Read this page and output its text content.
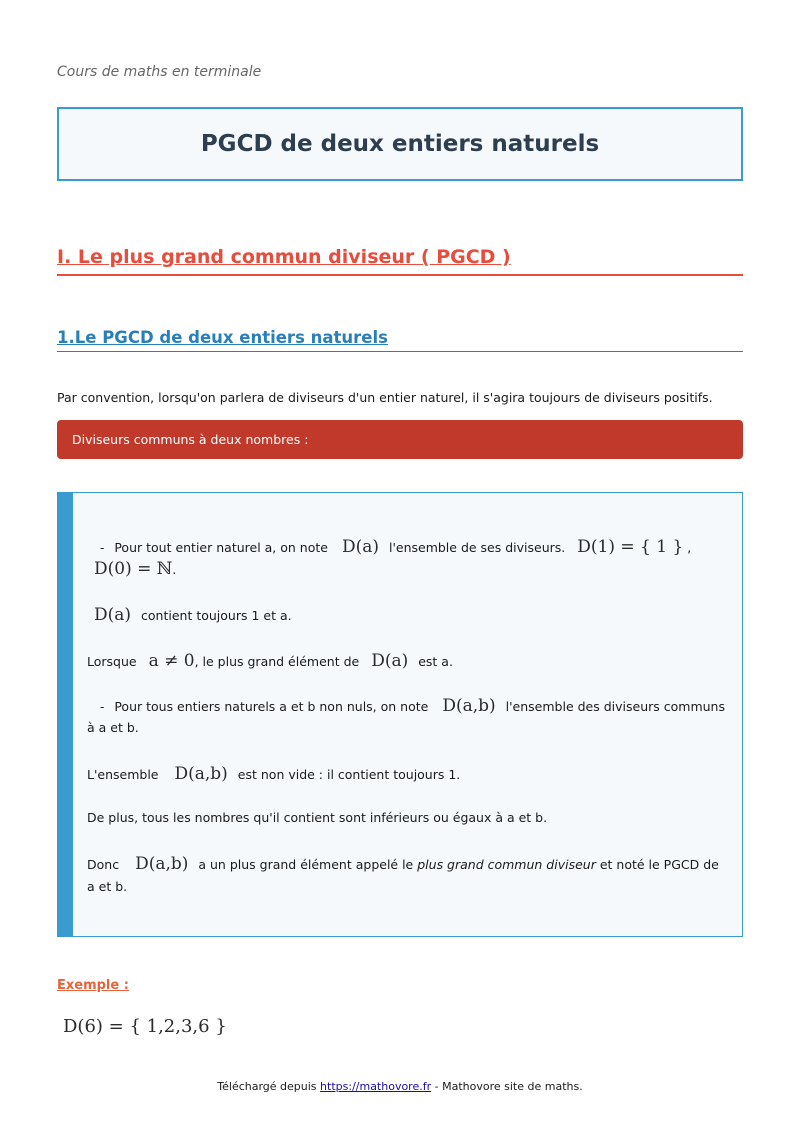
Cours de maths en terminale
PGCD de deux entiers naturels
I. Le plus grand commun diviseur ( PGCD )
1.Le PGCD de deux entiers naturels
Par convention, lorsqu'on parlera de diviseurs d'un entier naturel, il s'agira toujours de diviseurs positifs.
Diviseurs communs à deux nombres :
- Pour tout entier naturel a, on note D(a) l'ensemble de ses diviseurs. D(1) = { 1 } ,
D(0) = ℕ.
D(a) contient toujours 1 et a.
Lorsque a ≠ 0, le plus grand élément de D(a) est a.
- Pour tous entiers naturels a et b non nuls, on note D(a,b) l'ensemble des diviseurs communs
à a et b.
L'ensemble D(a,b) est non vide : il contient toujours 1.
De plus, tous les nombres qu'il contient sont inférieurs ou égaux à a et b.
Donc D(a,b) a un plus grand élément appelé le plus grand commun diviseur et noté le PGCD de
a et b.
Exemple :
D(6) = { 1,2,3,6 }
Téléchargé depuis https://mathovore.fr - Mathovore site de maths.
